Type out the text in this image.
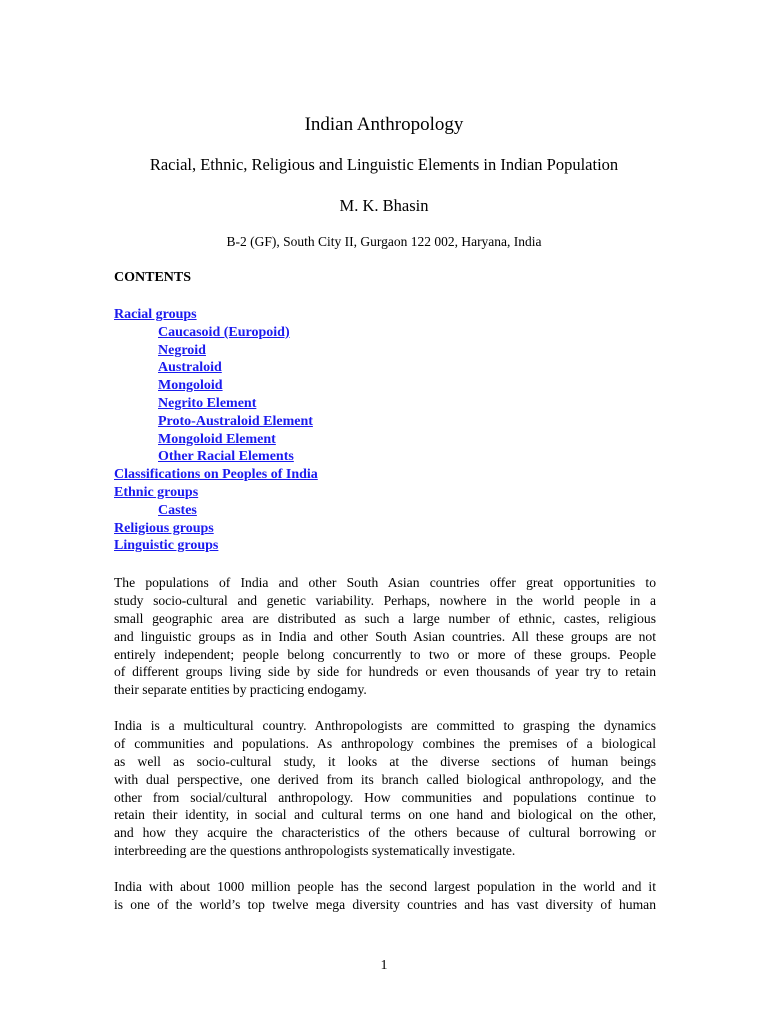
Indian Anthropology
Racial, Ethnic, Religious and Linguistic Elements in Indian Population
M. K. Bhasin
B-2 (GF), South City II, Gurgaon 122 002, Haryana, India
CONTENTS
Racial groups
Caucasoid (Europoid)
Negroid
Australoid
Mongoloid
Negrito Element
Proto-Australoid Element
Mongoloid Element
Other Racial Elements
Classifications on Peoples of India
Ethnic groups
Castes
Religious groups
Linguistic groups
The populations of India and other South Asian countries offer great opportunities to
study socio-cultural and genetic variability. Perhaps, nowhere in the world people in a
small geographic area are distributed as such a large number of ethnic, castes, religious
and linguistic groups as in India and other South Asian countries. All these groups are not
entirely independent; people belong concurrently to two or more of these groups. People
of different groups living side by side for hundreds or even thousands of year try to retain
their separate entities by practicing endogamy.
India is a multicultural country. Anthropologists are committed to grasping the dynamics
of communities and populations. As anthropology combines the premises of a biological
as well as socio-cultural study, it looks at the diverse sections of human beings
with dual perspective, one derived from its branch called biological anthropology, and the
other from social/cultural anthropology. How communities and populations continue to
retain their identity, in social and cultural terms on one hand and biological on the other,
and how they acquire the characteristics of the others because of cultural borrowing or
interbreeding are the questions anthropologists systematically investigate.
India with about 1000 million people has the second largest population in the world and it
is one of the world’s top twelve mega diversity countries and has vast diversity of human
1
